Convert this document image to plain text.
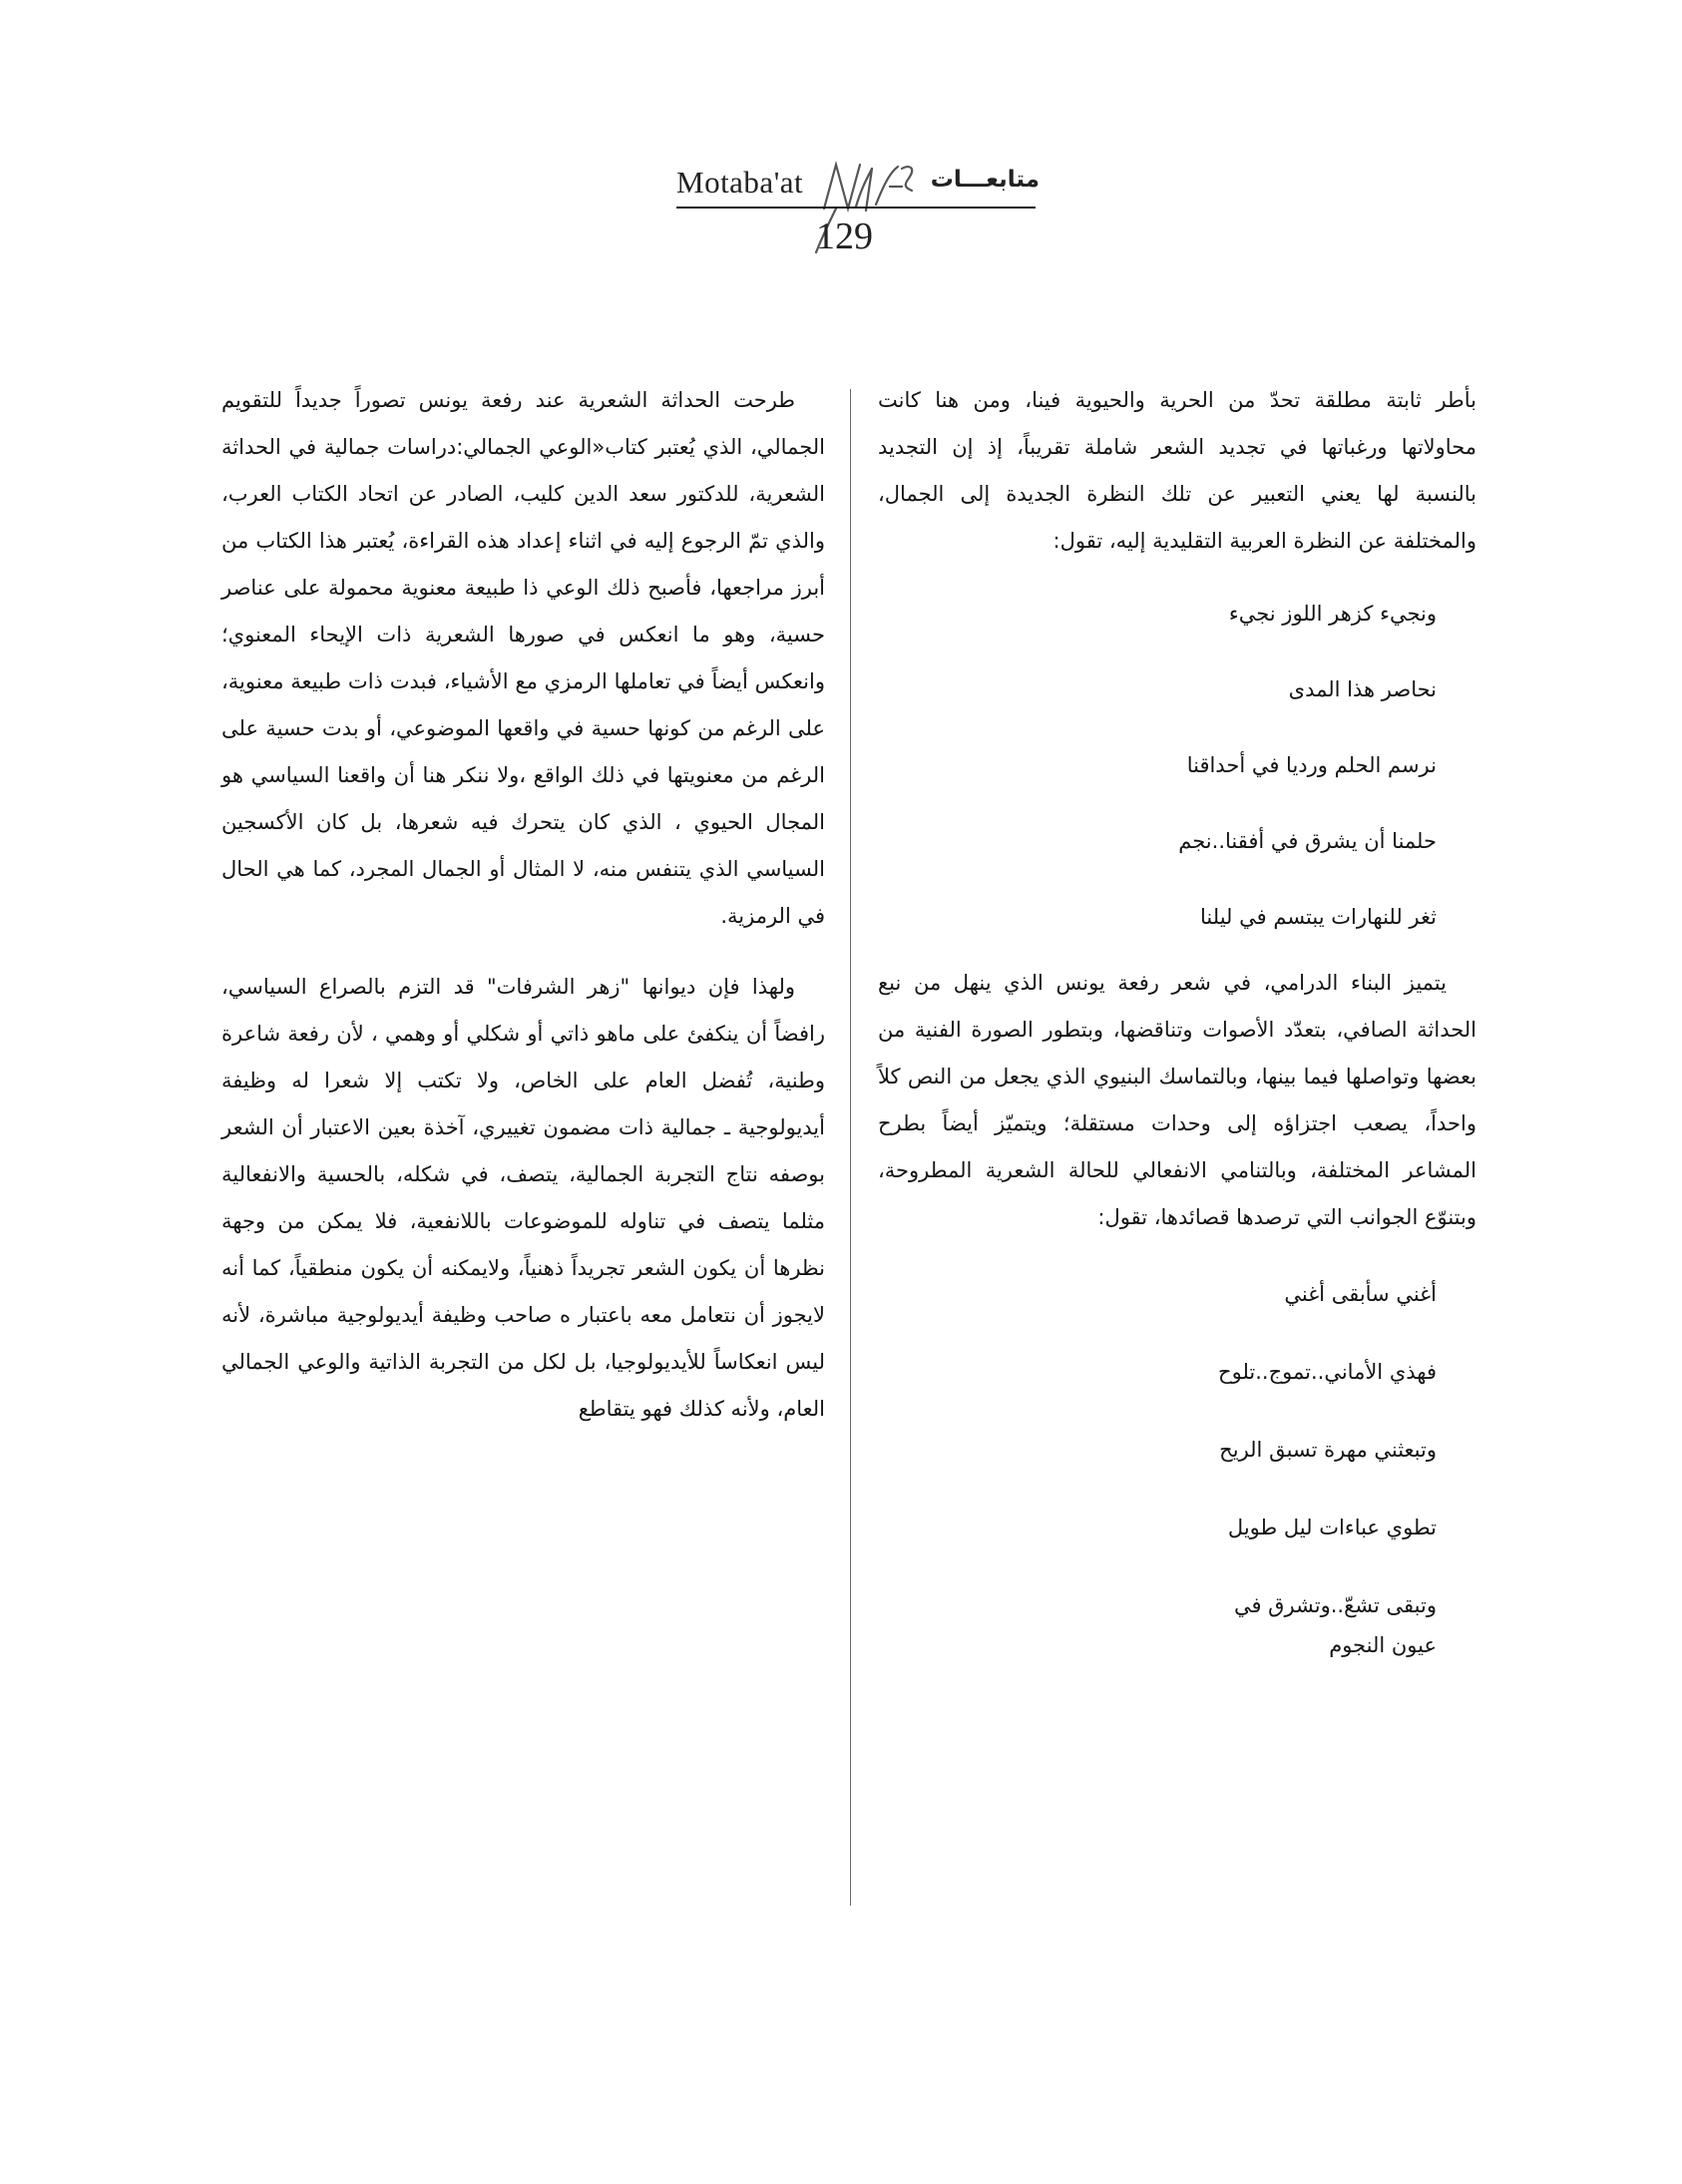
Motaba'at	متابعـــات
129

بأطر ثابتة مطلقة تحدّ من الحرية والحيوية فينا، ومن هنا كانت محاولاتها ورغباتها في تجديد الشعر شاملة تقريباً، إذ إن التجديد بالنسبة لها يعني التعبير عن تلك النظرة الجديدة إلى الجمال، والمختلفة عن النظرة العربية التقليدية إليه، تقول:

ونجيء كزهر اللوز نجيء

نحاصر هذا المدى

نرسم الحلم ورديا في أحداقنا

حلمنا أن يشرق في أفقنا..نجم

ثغر للنهارات يبتسم في ليلنا

يتميز البناء الدرامي، في شعر رفعة يونس الذي ينهل من نبع الحداثة الصافي، بتعدّد الأصوات وتناقضها، وبتطور الصورة الفنية من بعضها وتواصلها فيما بينها، وبالتماسك البنيوي الذي يجعل من النص كلاً واحداً، يصعب اجتزاؤه إلى وحدات مستقلة؛ ويتميّز أيضاً بطرح المشاعر المختلفة، وبالتنامي الانفعالي للحالة الشعرية المطروحة، وبتنوّع الجوانب التي ترصدها قصائدها، تقول:

أغني سأبقى أغني

فهذي الأماني..تموج..تلوح

وتبعثني مهرة تسبق الريح

تطوي عباءات ليل طويل

وتبقى تشعّ..وتشرق في

عيون النجوم

طرحت الحداثة الشعرية عند رفعة يونس تصوراً جديداً للتقويم الجمالي، الذي يُعتبر كتاب«الوعي الجمالي:دراسات جمالية في الحداثة الشعرية، للدكتور سعد الدين كليب، الصادر عن اتحاد الكتاب العرب، والذي تمّ الرجوع إليه في اثناء إعداد هذه القراءة، يُعتبر هذا الكتاب من أبرز مراجعها، فأصبح ذلك الوعي ذا طبيعة معنوية محمولة على عناصر حسية، وهو ما انعكس في صورها الشعرية ذات الإيحاء المعنوي؛ وانعكس أيضاً في تعاملها الرمزي مع الأشياء، فبدت ذات طبيعة معنوية، على الرغم من كونها حسية في واقعها الموضوعي، أو بدت حسية على الرغم من معنويتها في ذلك الواقع ،ولا ننكر هنا أن واقعنا السياسي هو المجال الحيوي ، الذي كان يتحرك فيه شعرها، بل كان الأكسجين السياسي الذي يتنفس منه، لا المثال أو الجمال المجرد، كما هي الحال في الرمزية.

ولهذا فإن ديوانها "زهر الشرفات" قد التزم بالصراع السياسي، رافضاً أن ينكفئ على ماهو ذاتي أو شكلي أو وهمي ، لأن رفعة شاعرة وطنية، تُفضل العام على الخاص، ولا تكتب إلا شعرا له وظيفة أيديولوجية ـ جمالية ذات مضمون تغييري، آخذة بعين الاعتبار أن الشعر بوصفه نتاج التجربة الجمالية، يتصف، في شكله، بالحسية والانفعالية مثلما يتصف في تناوله للموضوعات باللانفعية، فلا يمكن من وجهة نظرها أن يكون الشعر تجريداً ذهنياً، ولايمكنه أن يكون منطقياً، كما أنه لايجوز أن نتعامل معه باعتبار ه صاحب وظيفة أيديولوجية مباشرة، لأنه ليس انعكاساً للأيديولوجيا، بل لكل من التجربة الذاتية والوعي الجمالي العام، ولأنه كذلك فهو يتقاطع
